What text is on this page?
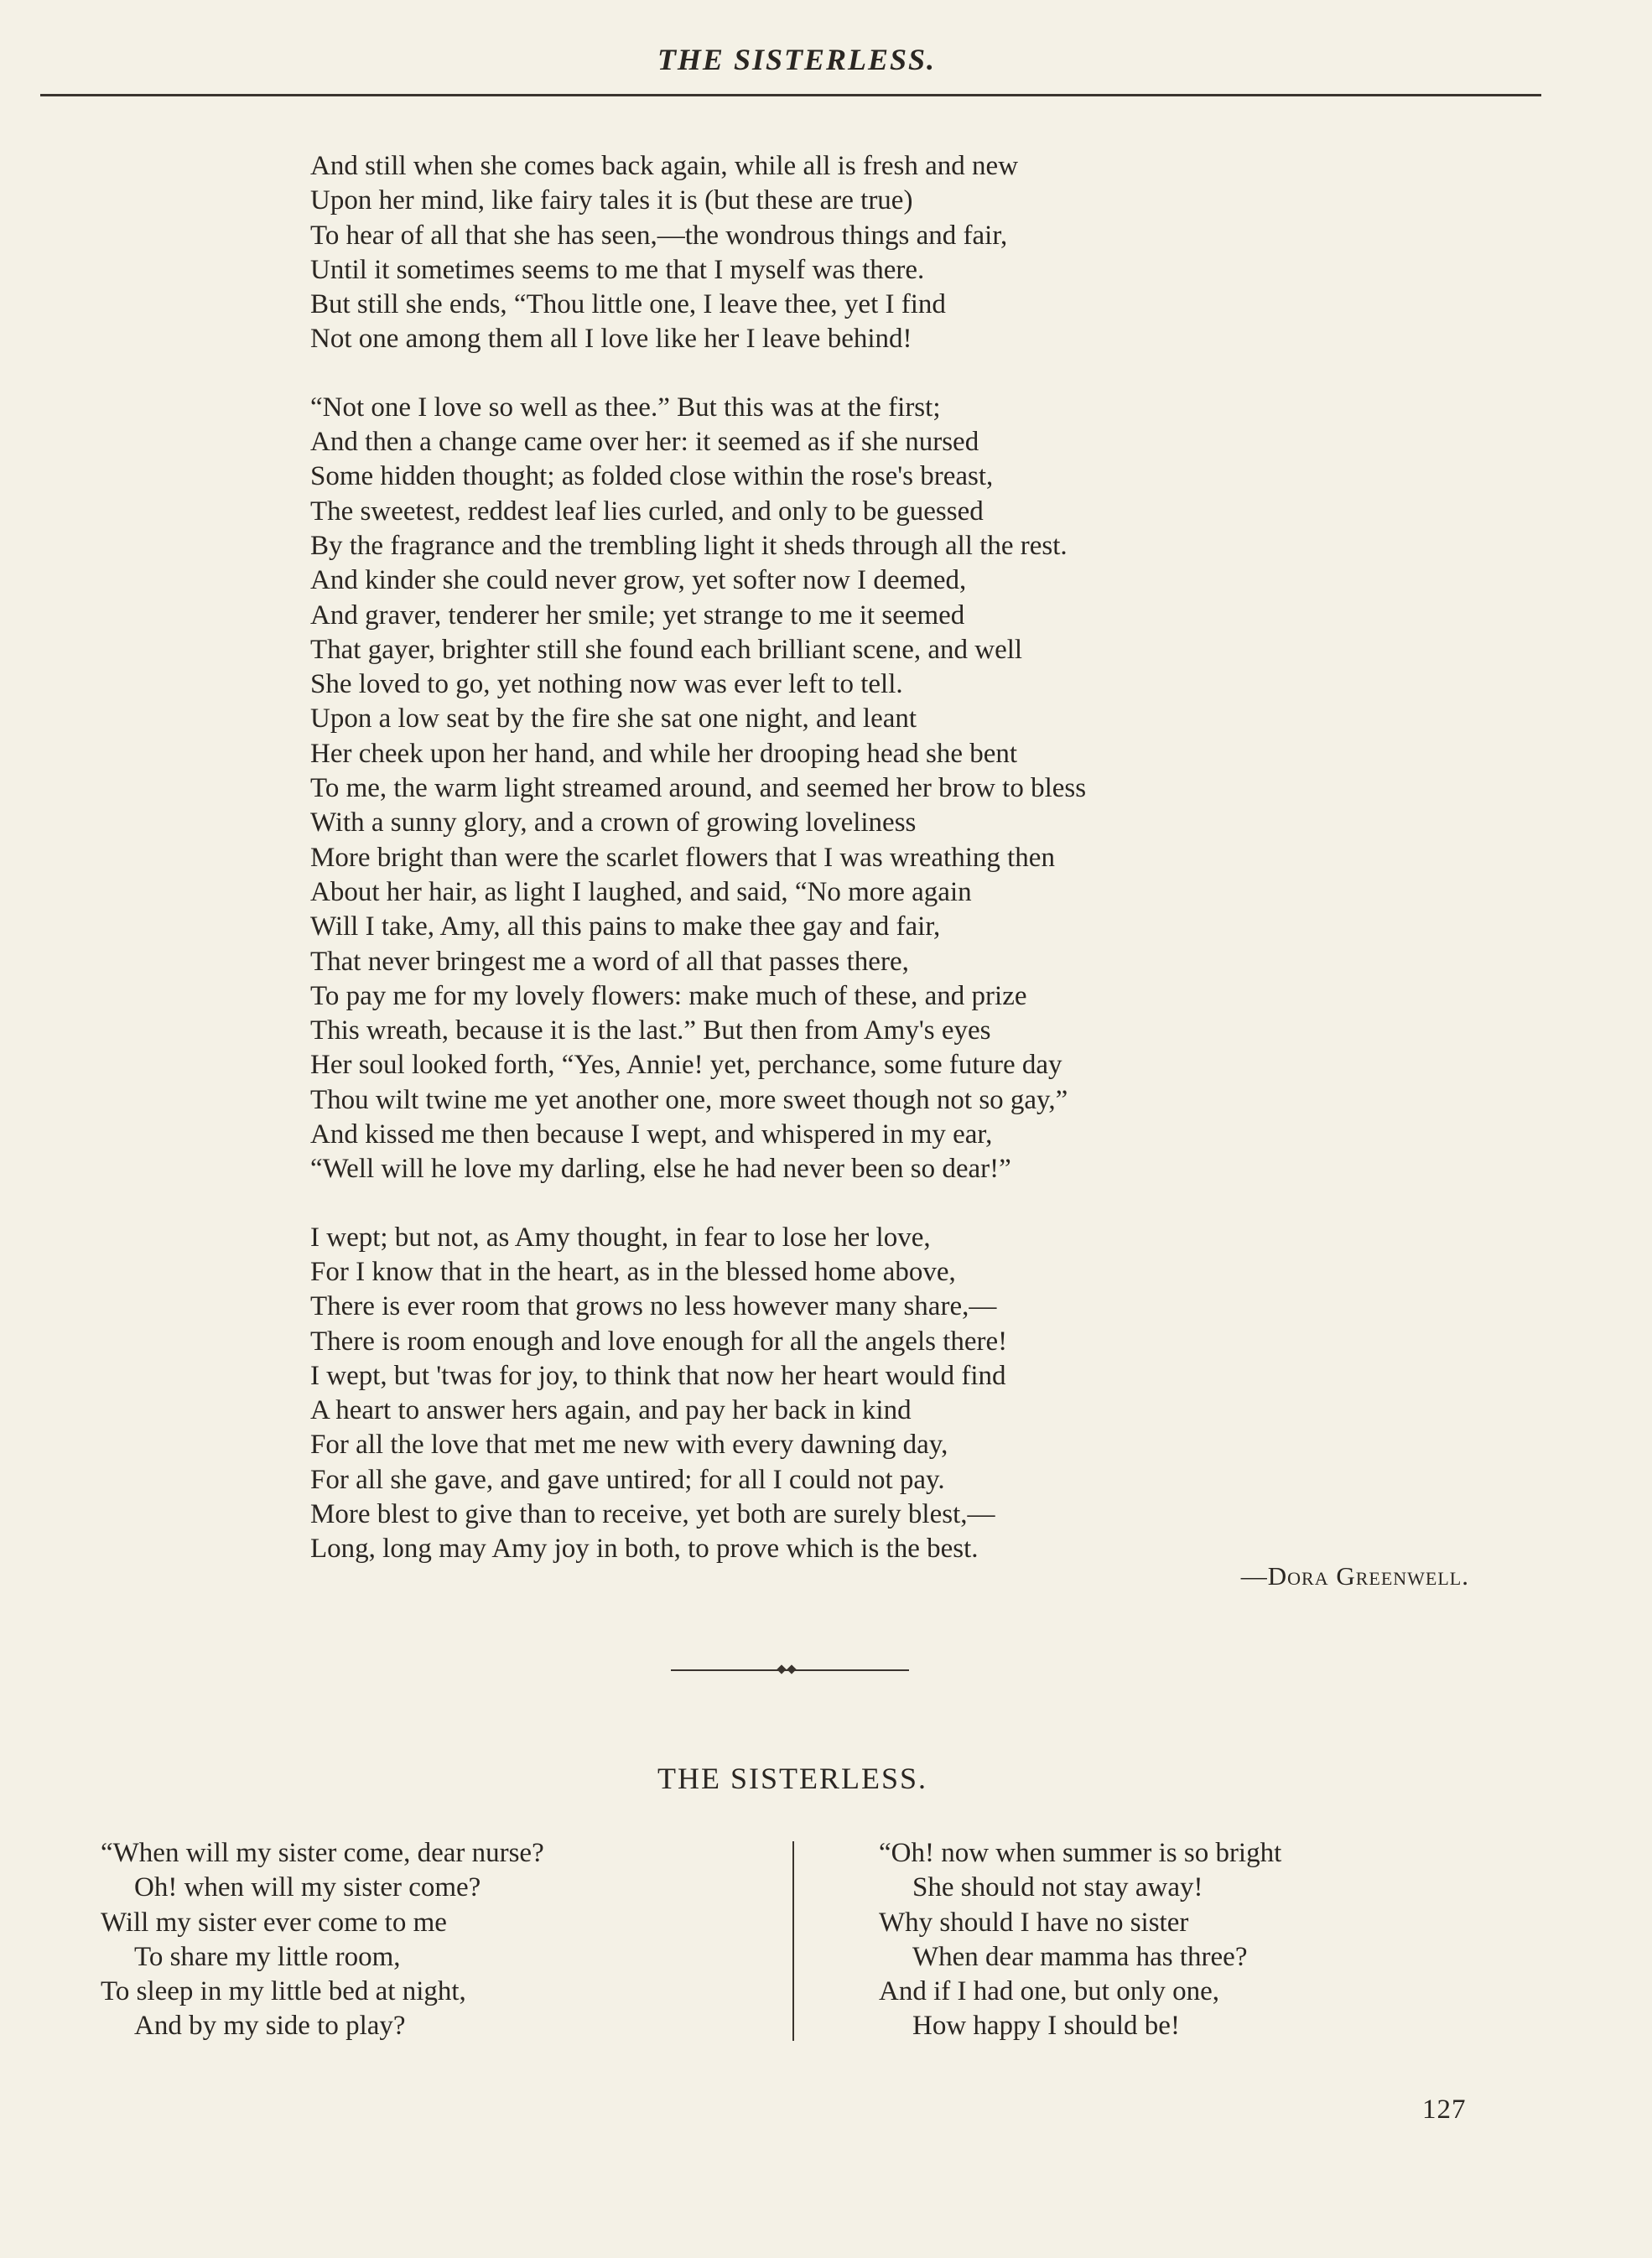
THE SISTERLESS.

And still when she comes back again, while all is fresh and new
Upon her mind, like fairy tales it is (but these are true)
To hear of all that she has seen,—the wondrous things and fair,
Until it sometimes seems to me that I myself was there.
But still she ends, “Thou little one, I leave thee, yet I find
Not one among them all I love like her I leave behind!

“Not one I love so well as thee.” But this was at the first;
And then a change came over her: it seemed as if she nursed
Some hidden thought; as folded close within the rose's breast,
The sweetest, reddest leaf lies curled, and only to be guessed
By the fragrance and the trembling light it sheds through all the rest.
And kinder she could never grow, yet softer now I deemed,
And graver, tenderer her smile; yet strange to me it seemed
That gayer, brighter still she found each brilliant scene, and well
She loved to go, yet nothing now was ever left to tell.
Upon a low seat by the fire she sat one night, and leant
Her cheek upon her hand, and while her drooping head she bent
To me, the warm light streamed around, and seemed her brow to bless
With a sunny glory, and a crown of growing loveliness
More bright than were the scarlet flowers that I was wreathing then
About her hair, as light I laughed, and said, “No more again
Will I take, Amy, all this pains to make thee gay and fair,
That never bringest me a word of all that passes there,
To pay me for my lovely flowers: make much of these, and prize
This wreath, because it is the last.” But then from Amy's eyes
Her soul looked forth, “Yes, Annie! yet, perchance, some future day
Thou wilt twine me yet another one, more sweet though not so gay,”
And kissed me then because I wept, and whispered in my ear,
“Well will he love my darling, else he had never been so dear!”

I wept; but not, as Amy thought, in fear to lose her love,
For I know that in the heart, as in the blessed home above,
There is ever room that grows no less however many share,—
There is room enough and love enough for all the angels there!
I wept, but 'twas for joy, to think that now her heart would find
A heart to answer hers again, and pay her back in kind
For all the love that met me new with every dawning day,
For all she gave, and gave untired; for all I could not pay.
More blest to give than to receive, yet both are surely blest,—
Long, long may Amy joy in both, to prove which is the best.

—Dora Greenwell.
THE SISTERLESS.
“When will my sister come, dear nurse?
Oh! when will my sister come?
Will my sister ever come to me
To share my little room,
To sleep in my little bed at night,
And by my side to play?
“Oh! now when summer is so bright
She should not stay away!
Why should I have no sister
When dear mamma has three?
And if I had one, but only one,
How happy I should be!
127
